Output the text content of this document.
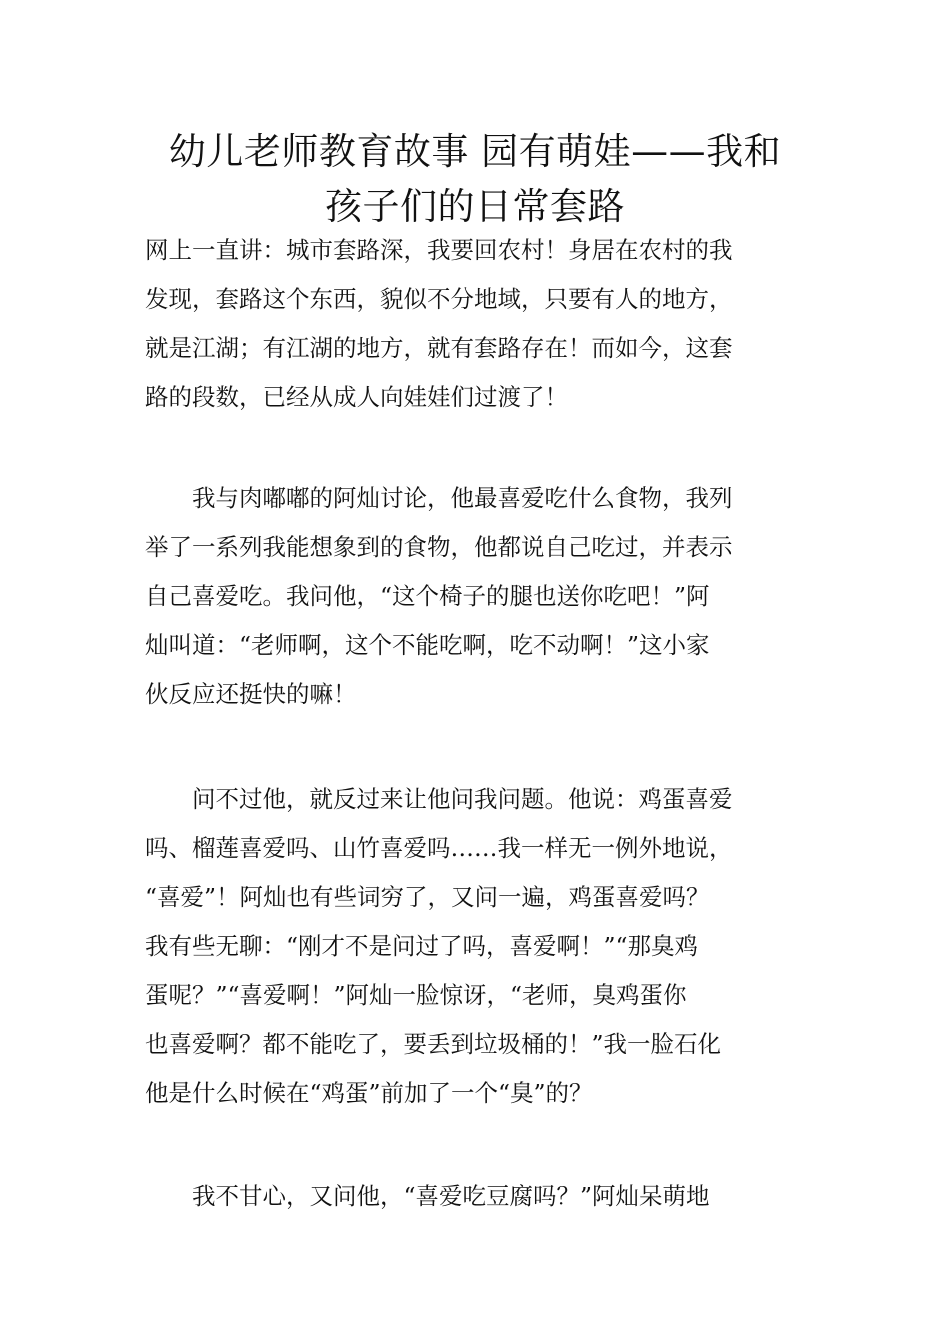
幼儿老师教育故事 园有萌娃——我和
孩子们的日常套路
网上一直讲：城市套路深，我要回农村！身居在农村的我
发现，套路这个东西，貌似不分地域，只要有人的地方，
就是江湖；有江湖的地方，就有套路存在！而如今，这套
路的段数，已经从成人向娃娃们过渡了！
　　我与肉嘟嘟的阿灿讨论，他最喜爱吃什么食物，我列
举了一系列我能想象到的食物，他都说自己吃过，并表示
自己喜爱吃。我问他，“这个椅子的腿也送你吃吧！”阿
灿叫道：“老师啊，这个不能吃啊，吃不动啊！”这小家
伙反应还挺快的嘛！
　　问不过他，就反过来让他问我问题。他说：鸡蛋喜爱
吗、榴莲喜爱吗、山竹喜爱吗……我一样无一例外地说，
“喜爱”！阿灿也有些词穷了，又问一遍，鸡蛋喜爱吗？
我有些无聊：“刚才不是问过了吗，喜爱啊！”“那臭鸡
蛋呢？”“喜爱啊！”阿灿一脸惊讶，“老师，臭鸡蛋你
也喜爱啊？都不能吃了，要丢到垃圾桶的！”我一脸石化
他是什么时候在“鸡蛋”前加了一个“臭”的？
　　我不甘心，又问他，“喜爱吃豆腐吗？”阿灿呆萌地
